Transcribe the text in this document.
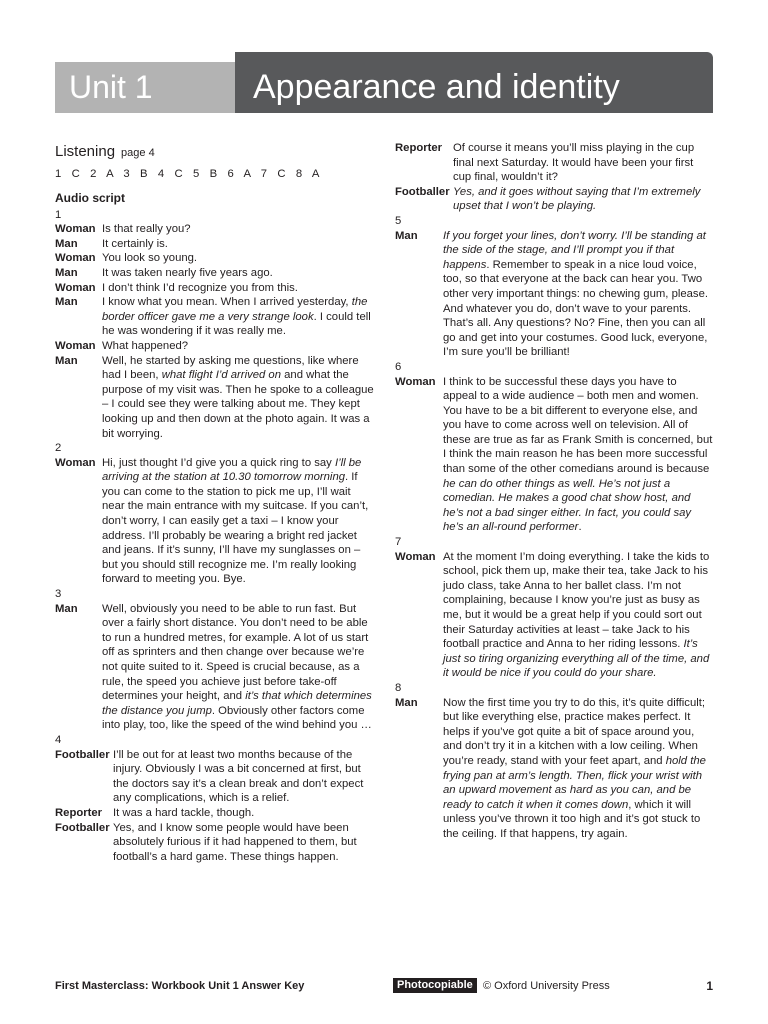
Unit 1	Appearance and identity
Listening page 4
1 C 2 A 3 B 4 C 5 B 6 A 7 C 8 A
Audio script
1
Woman Is that really you?

Man	It certainly is.

Woman You look so young.

Man	It was taken nearly five years ago.

Woman I don’t think I’d recognize you from this.

Man	I know what you mean. When I arrived yesterday, the border officer gave me a very strange look. I could tell he was wondering if it was really me.

Woman What happened?

Man	Well, he started by asking me questions, like where had I been, what flight I’d arrived on and what the purpose of my visit was. Then he spoke to a colleague – I could see they were talking about me. They kept looking up and then down at the photo again. It was a bit worrying.

2
Woman Hi, just thought I’d give you a quick ring to say I’ll be arriving at the station at 10.30 tomorrow morning. If you can come to the station to pick me up, I’ll wait near the main entrance with my suitcase. If you can’t, don’t worry, I can easily get a taxi – I know your address. I’ll probably be wearing a bright red jacket and jeans. If it’s sunny, I’ll have my sunglasses on – but you should still recognize me. I’m really looking forward to meeting you. Bye.

3
Man	Well, obviously you need to be able to run fast. But over a fairly short distance. You don’t need to be able to run a hundred metres, for example. A lot of us start off as sprinters and then change over because we’re not quite suited to it. Speed is crucial because, as a rule, the speed you achieve just before take-off determines your height, and it’s that which determines the distance you jump. Obviously other factors come into play, too, like the speed of the wind behind you …

4
Footballer I’ll be out for at least two months because of the injury. Obviously I was a bit concerned at first, but the doctors say it’s a clean break and don’t expect any complications, which is a relief.

Reporter It was a hard tackle, though.

Footballer Yes, and I know some people would have been absolutely furious if it had happened to them, but football’s a hard game. These things happen.

Reporter Of course it means you’ll miss playing in the cup final next Saturday. It would have been your first cup final, wouldn’t it?

Footballer Yes, and it goes without saying that I’m extremely upset that I won’t be playing.

5
Man	If you forget your lines, don’t worry. I’ll be standing at the side of the stage, and I’ll prompt you if that happens. Remember to speak in a nice loud voice, too, so that everyone at the back can hear you. Two other very important things: no chewing gum, please. And whatever you do, don’t wave to your parents. That’s all. Any questions? No? Fine, then you can all go and get into your costumes. Good luck, everyone, I’m sure you’ll be brilliant!

6
Woman I think to be successful these days you have to appeal to a wide audience – both men and women. You have to be a bit different to everyone else, and you have to come across well on television. All of these are true as far as Frank Smith is concerned, but I think the main reason he has been more successful than some of the other comedians around is because he can do other things as well. He’s not just a comedian. He makes a good chat show host, and he’s not a bad singer either. In fact, you could say he’s an all-round performer.

7
Woman At the moment I’m doing everything. I take the kids to school, pick them up, make their tea, take Jack to his judo class, take Anna to her ballet class. I’m not complaining, because I know you’re just as busy as me, but it would be a great help if you could sort out their Saturday activities at least – take Jack to his football practice and Anna to her riding lessons. It’s just so tiring organizing everything all of the time, and it would be nice if you could do your share.

8
Man	Now the first time you try to do this, it’s quite difficult; but like everything else, practice makes perfect. It helps if you’ve got quite a bit of space around you, and don’t try it in a kitchen with a low ceiling. When you’re ready, stand with your feet apart, and hold the frying pan at arm’s length. Then, flick your wrist with an upward movement as hard as you can, and be ready to catch it when it comes down, which it will unless you’ve thrown it too high and it’s got stuck to the ceiling. If that happens, try again.

First Masterclass: Workbook Unit 1 Answer Key	Photocopiable © Oxford University Press	1
